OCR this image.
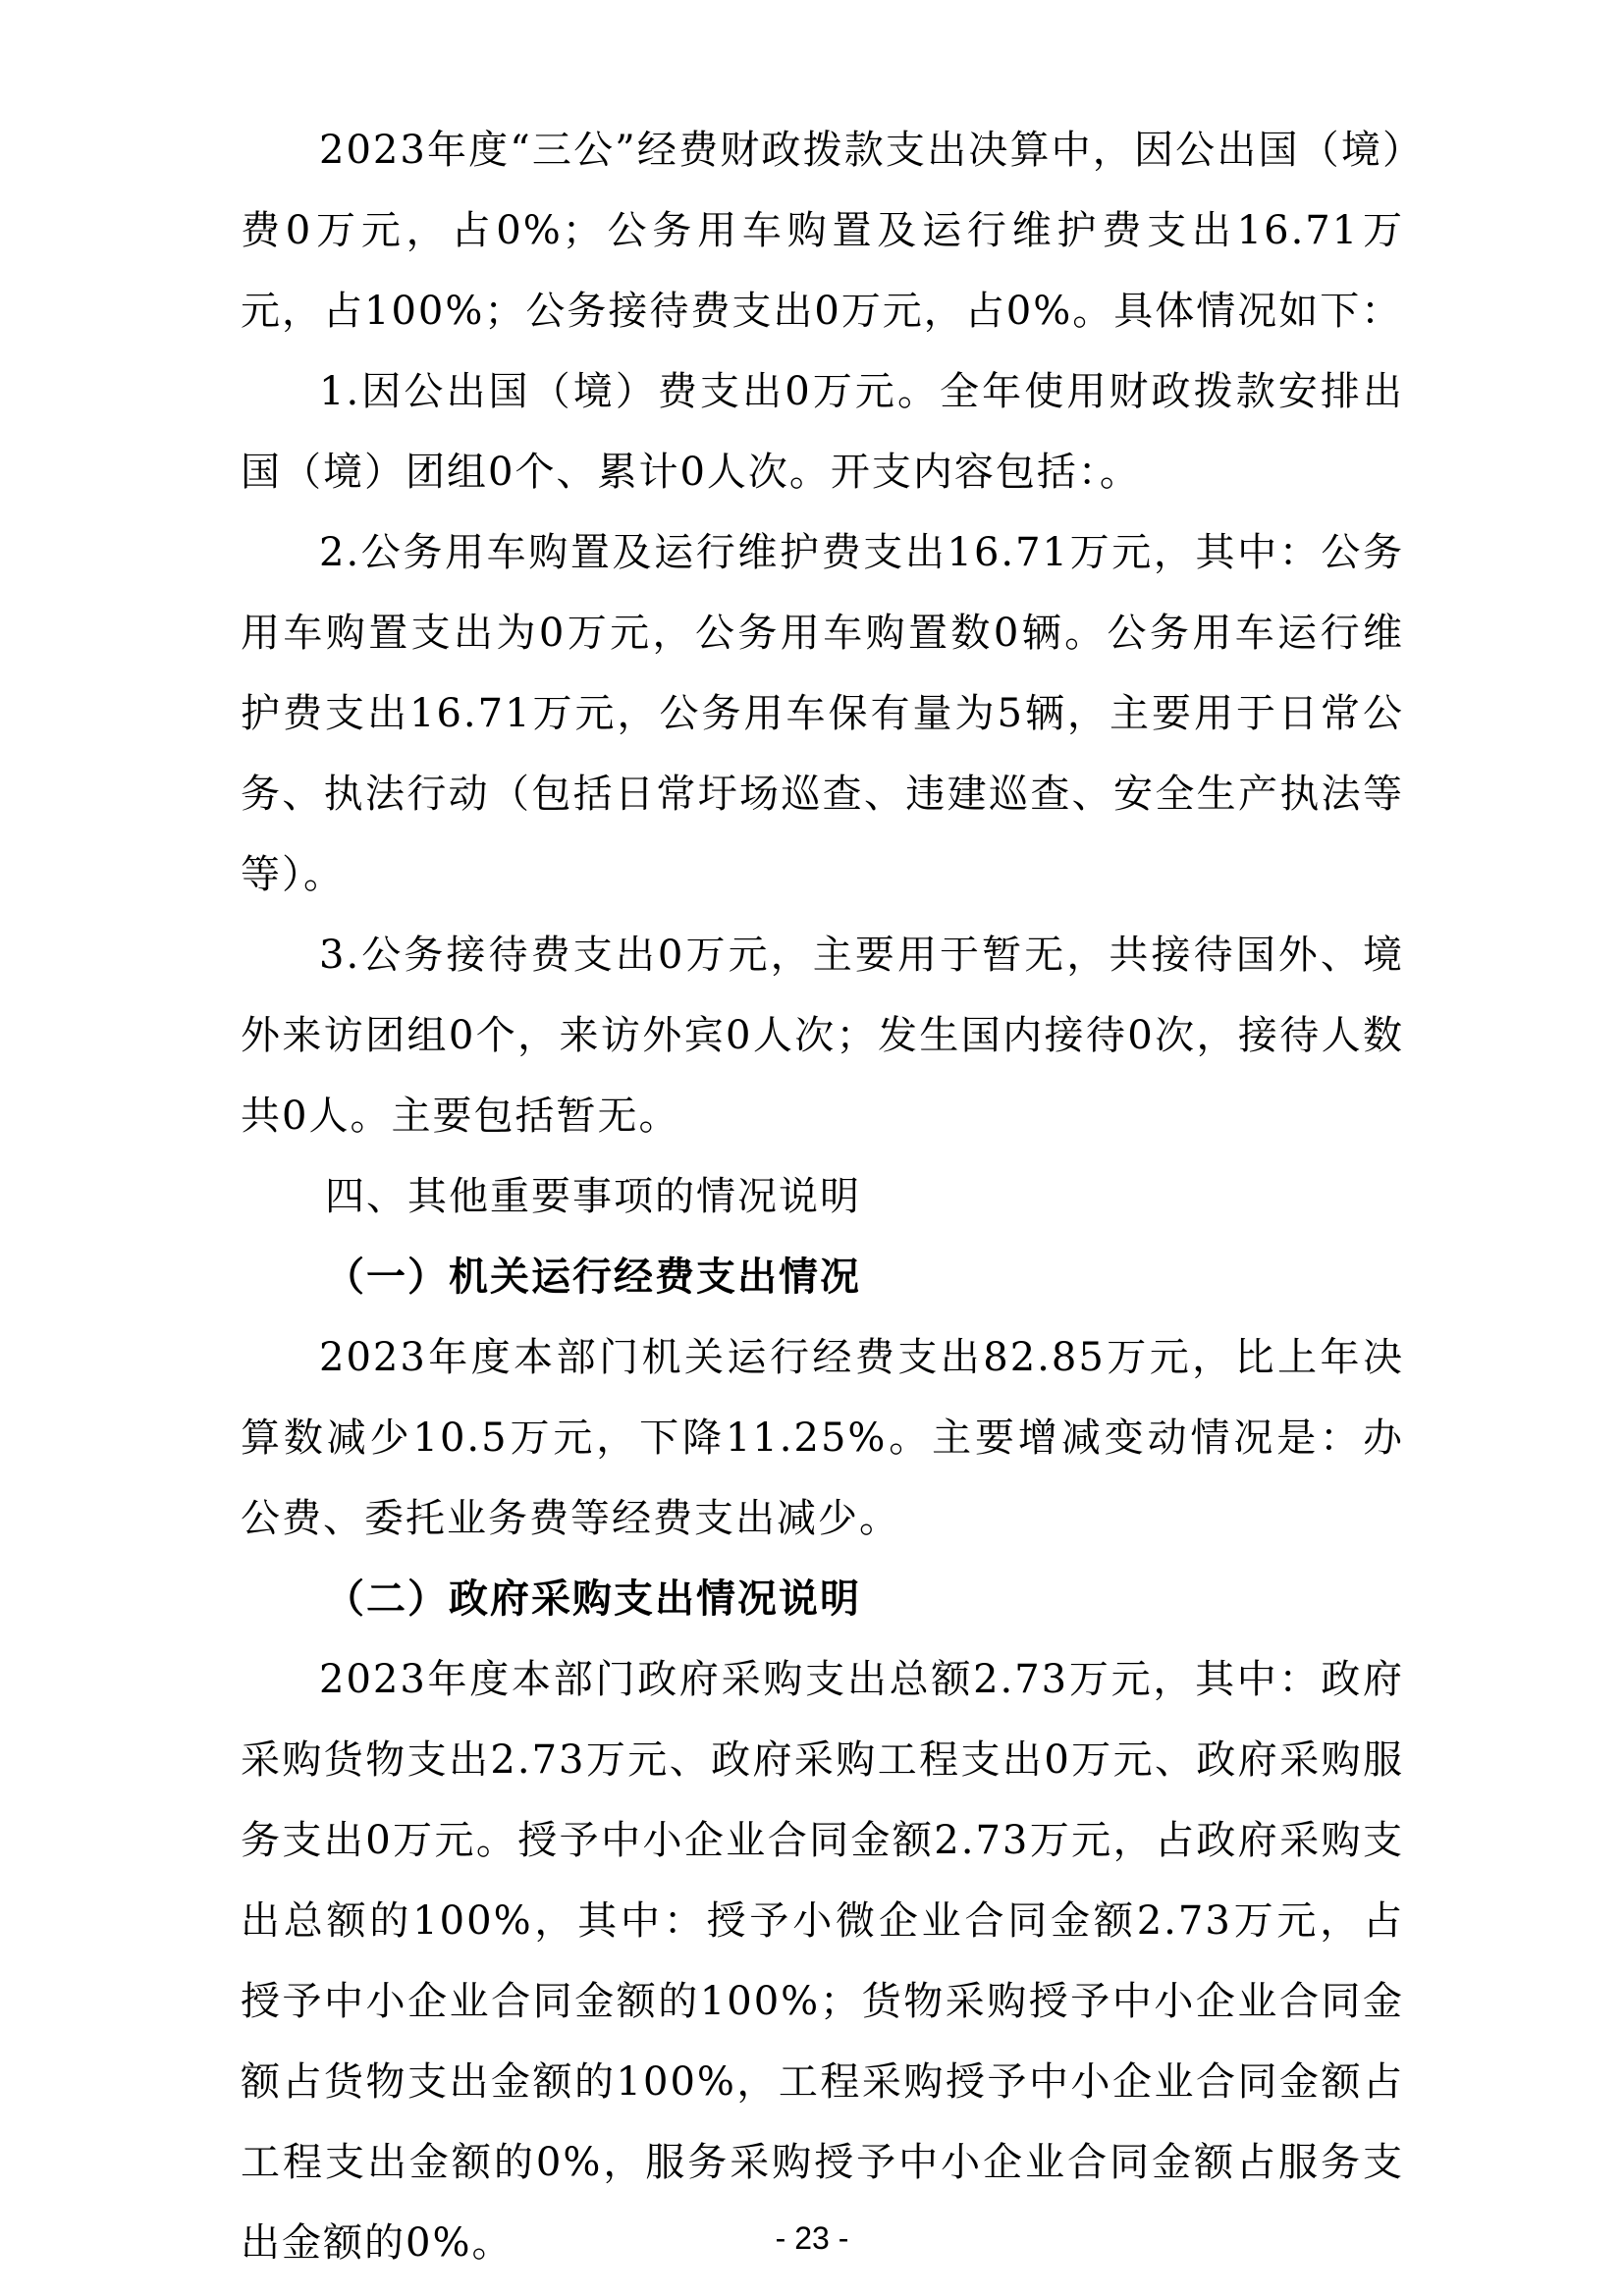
2023年度“三公”经费财政拨款支出决算中，因公出国（境）费0万元，占0%；公务用车购置及运行维护费支出16.71万元，占100%；公务接待费支出0万元，占0%。具体情况如下：

1.因公出国（境）费支出0万元。全年使用财政拨款安排出国（境）团组0个、累计0人次。开支内容包括：。

2.公务用车购置及运行维护费支出16.71万元，其中：公务用车购置支出为0万元，公务用车购置数0辆。公务用车运行维护费支出16.71万元，公务用车保有量为5辆，主要用于日常公务、执法行动（包括日常圩场巡查、违建巡查、安全生产执法等等）。

3.公务接待费支出0万元，主要用于暂无，共接待国外、境外来访团组0个，来访外宾0人次；发生国内接待0次，接待人数共0人。主要包括暂无。

四、其他重要事项的情况说明
（一）机关运行经费支出情况

2023年度本部门机关运行经费支出82.85万元，比上年决算数减少10.5万元，下降11.25%。主要增减变动情况是：办公费、委托业务费等经费支出减少。

（二）政府采购支出情况说明

2023年度本部门政府采购支出总额2.73万元，其中：政府采购货物支出2.73万元、政府采购工程支出0万元、政府采购服务支出0万元。授予中小企业合同金额2.73万元，占政府采购支出总额的100%，其中：授予小微企业合同金额2.73万元，占授予中小企业合同金额的100%；货物采购授予中小企业合同金额占货物支出金额的100%，工程采购授予中小企业合同金额占工程支出金额的0%，服务采购授予中小企业合同金额占服务支出金额的0%。	- 23 -
